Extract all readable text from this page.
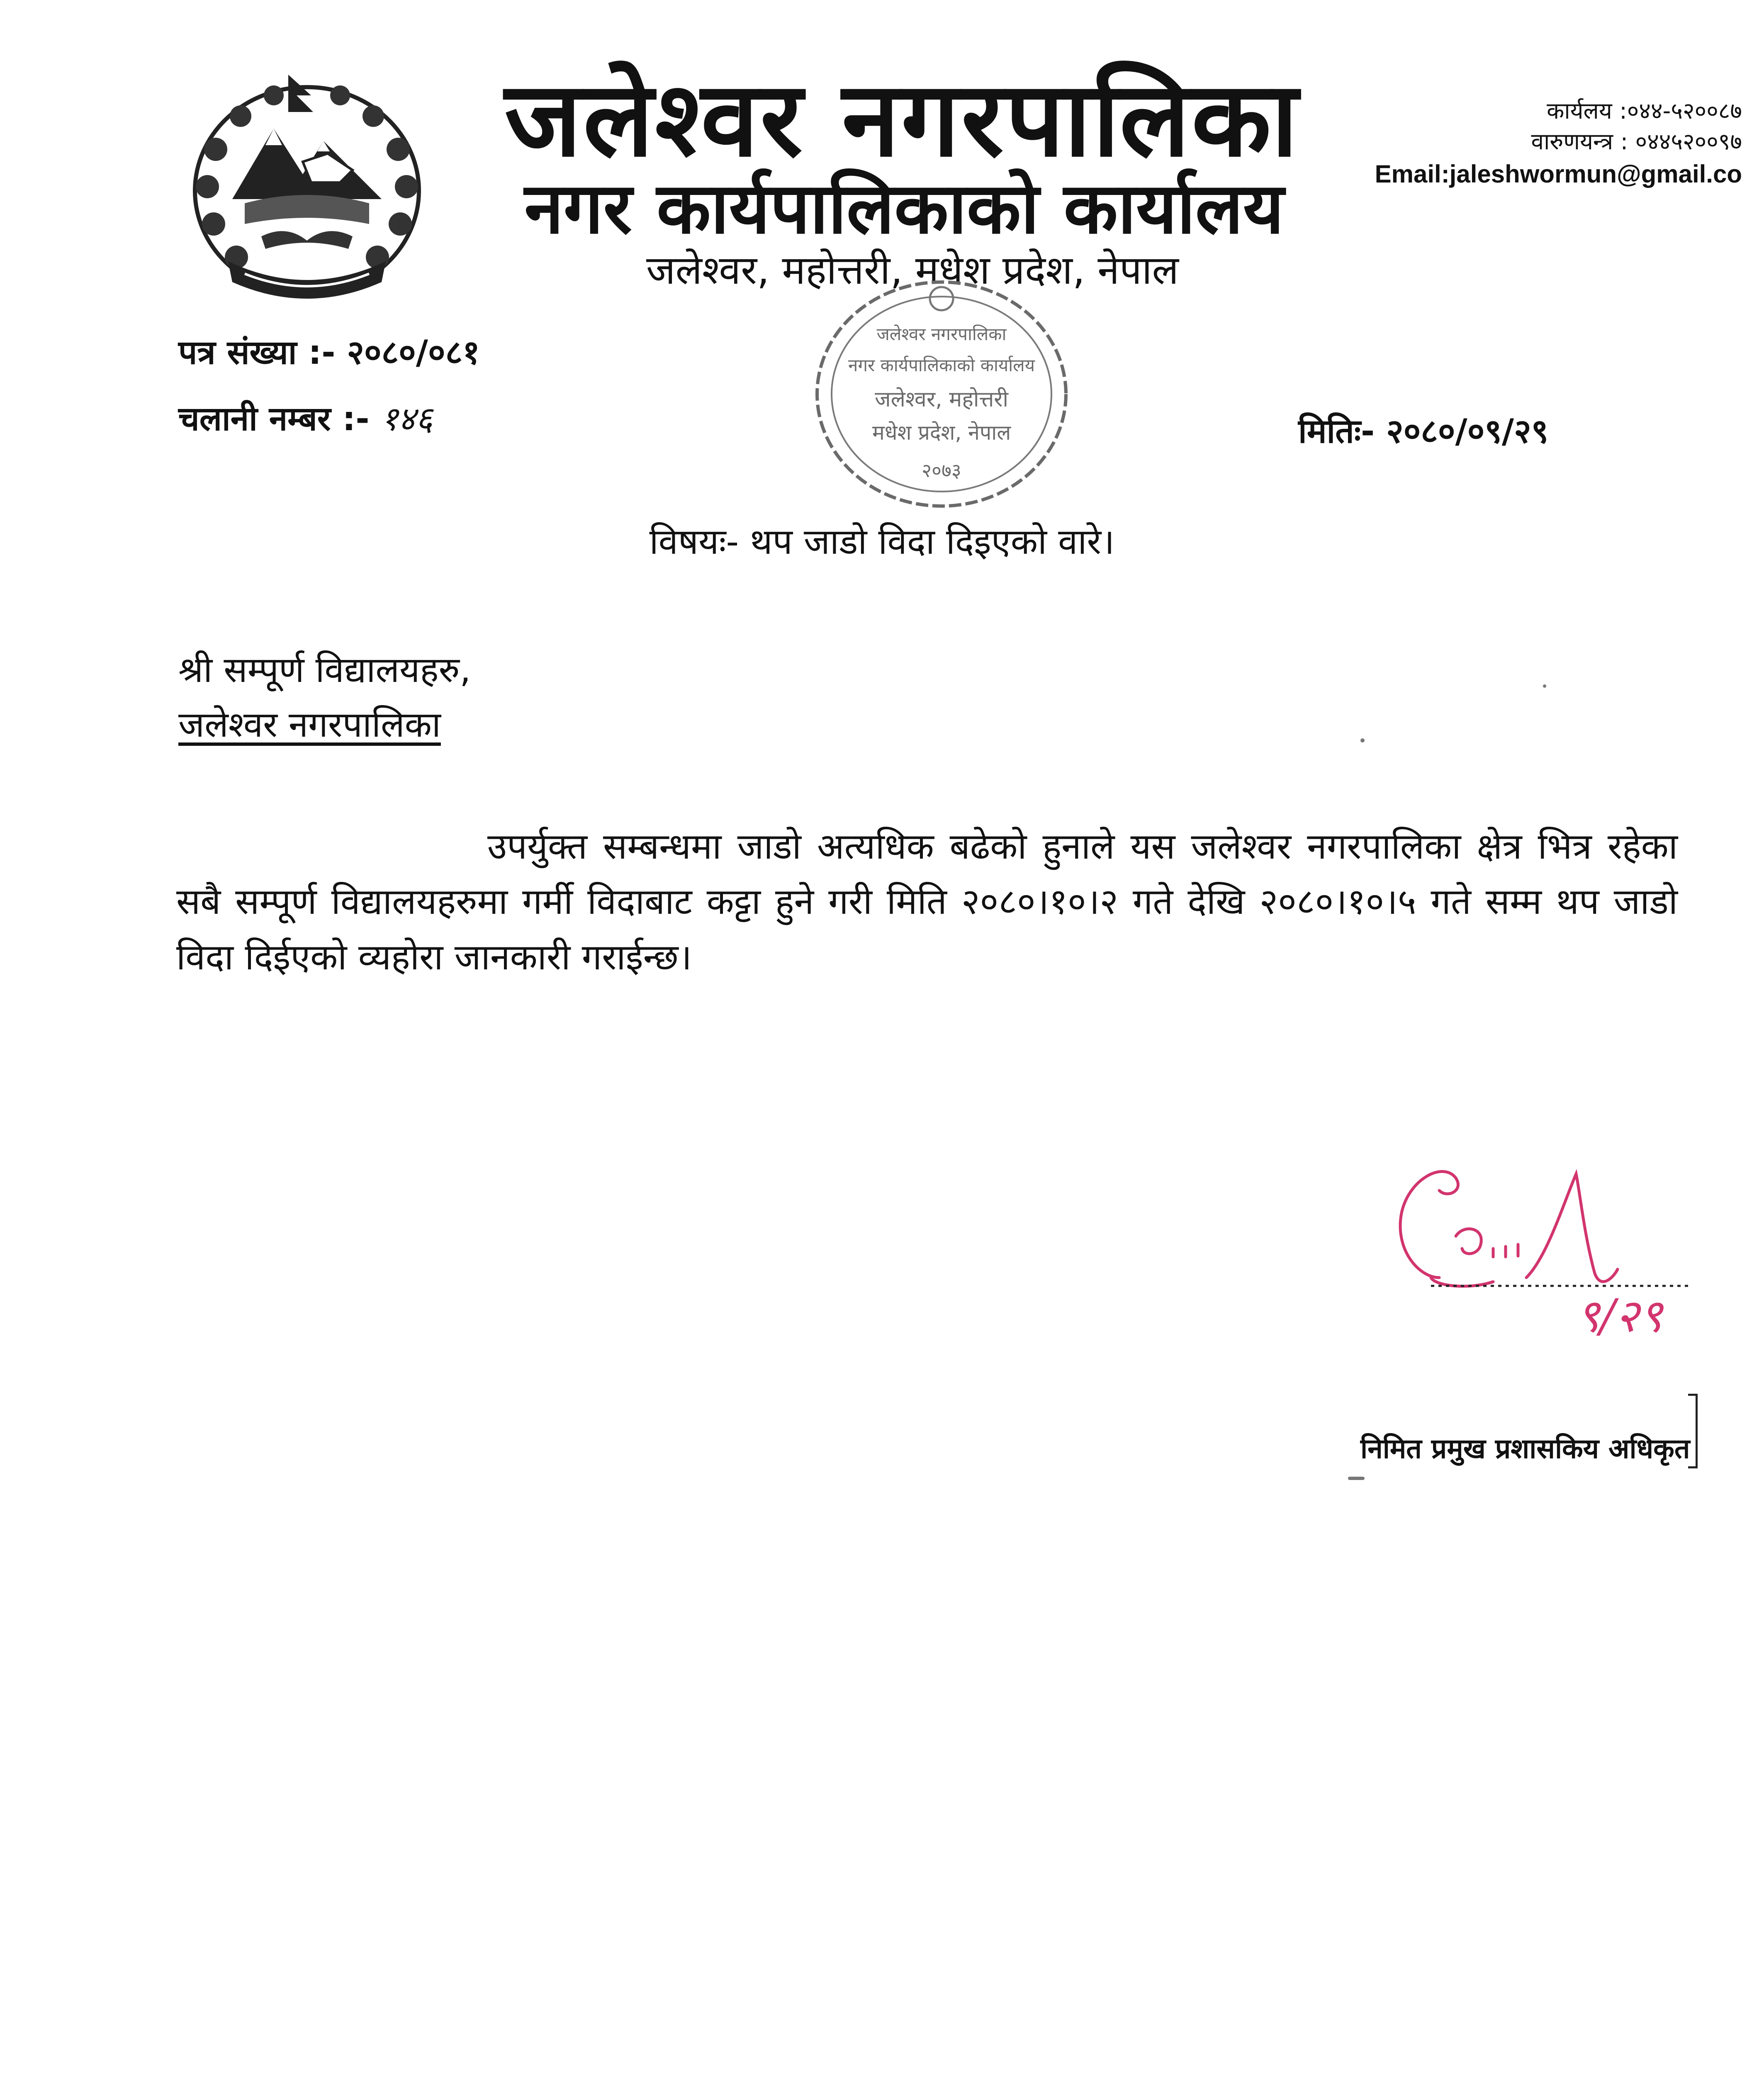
जलेश्वर नगरपालिका
नगर कार्यपालिकाको कार्यालय
जलेश्वर, महोत्तरी, मधेश प्रदेश, नेपाल
कार्यलय :०४४-५२००८७
वारुणयन्त्र : ०४४५२००९७
Email:jaleshwormun@gmail.co
पत्र संख्या :- २०८०/०८१
चलानी नम्बर :- १४६	मितिः- २०८०/०९/२९
जलेश्वर नगरपालिका
नगर कार्यपालिकाको कार्यालय
जलेश्वर, महोत्तरी
मधेश प्रदेश, नेपाल
२०७३
विषयः- थप जाडो विदा दिइएको वारे।
श्री सम्पूर्ण विद्यालयहरु,
जलेश्वर नगरपालिका
उपर्युक्त सम्बन्धमा जाडो अत्यधिक बढेको हुनाले यस जलेश्वर नगरपालिका क्षेत्र भित्र रहेका सबै सम्पूर्ण विद्यालयहरुमा गर्मी विदाबाट कट्टा हुने गरी मिति २०८०।१०।२ गते देखि २०८०।१०।५ गते सम्म थप जाडो विदा दिईएको व्यहोरा जानकारी गराईन्छ।
९/२९
निमित प्रमुख प्रशासकिय अधिकृत
